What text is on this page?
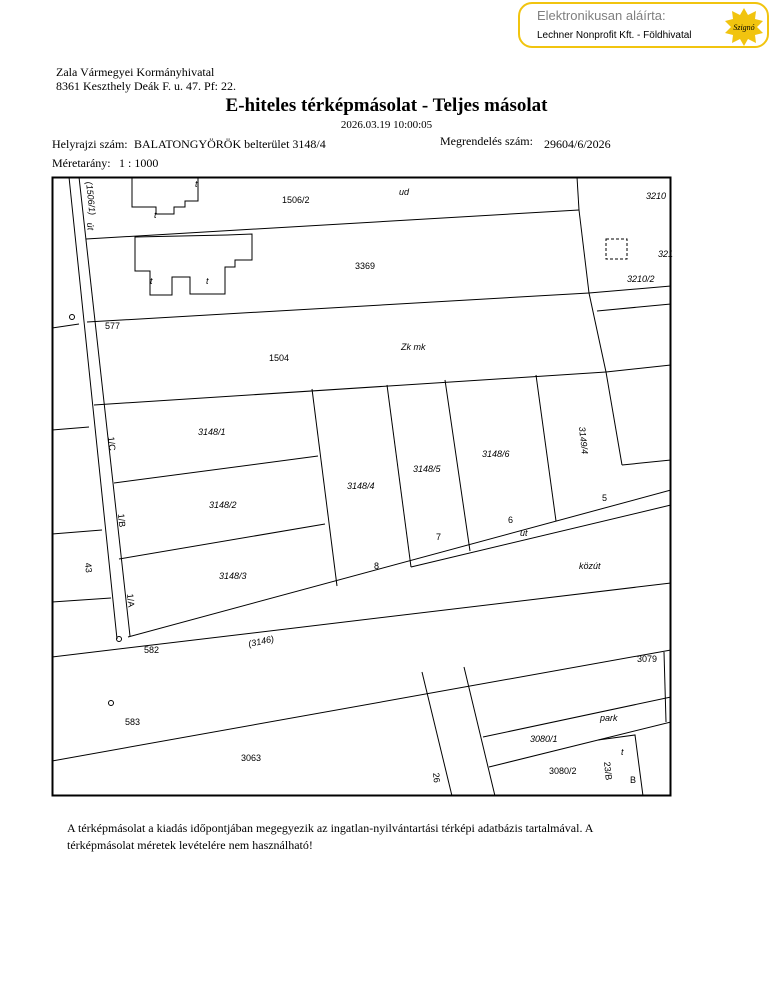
Elektronikusan aláírta:
Lechner Nonprofit Kft. - Földhivatal
Szignó
Zala Vármegyei Kormányhivatal
8361 Keszthely Deák F. u. 47. Pf: 22.
E-hiteles térképmásolat - Teljes másolat
2026.03.19 10:00:05
Helyrajzi szám: BALATONGYÖRÖK belterület 3148/4	Megrendelés szám: 29604/6/2026
Méretarány: 1 : 1000
1506/2
ud	3210
3369
3210/2
321
(1506/1)
út
577
1504
Zk mk
3148/1
3148/2
3148/3
3148/4
3148/5
3148/6	3149/4
1/C
1/B
1/A
43	8
7
6
5
út
közút
582
(3146)
3079
583	park
3080/1
3080/2
3063
26	23/B B
t
t
t	t
t
A térképmásolat a kiadás időpontjában megegyezik az ingatlan-nyilvántartási térképi adatbázis tartalmával. A térképmásolat méretek levételére nem használható!
